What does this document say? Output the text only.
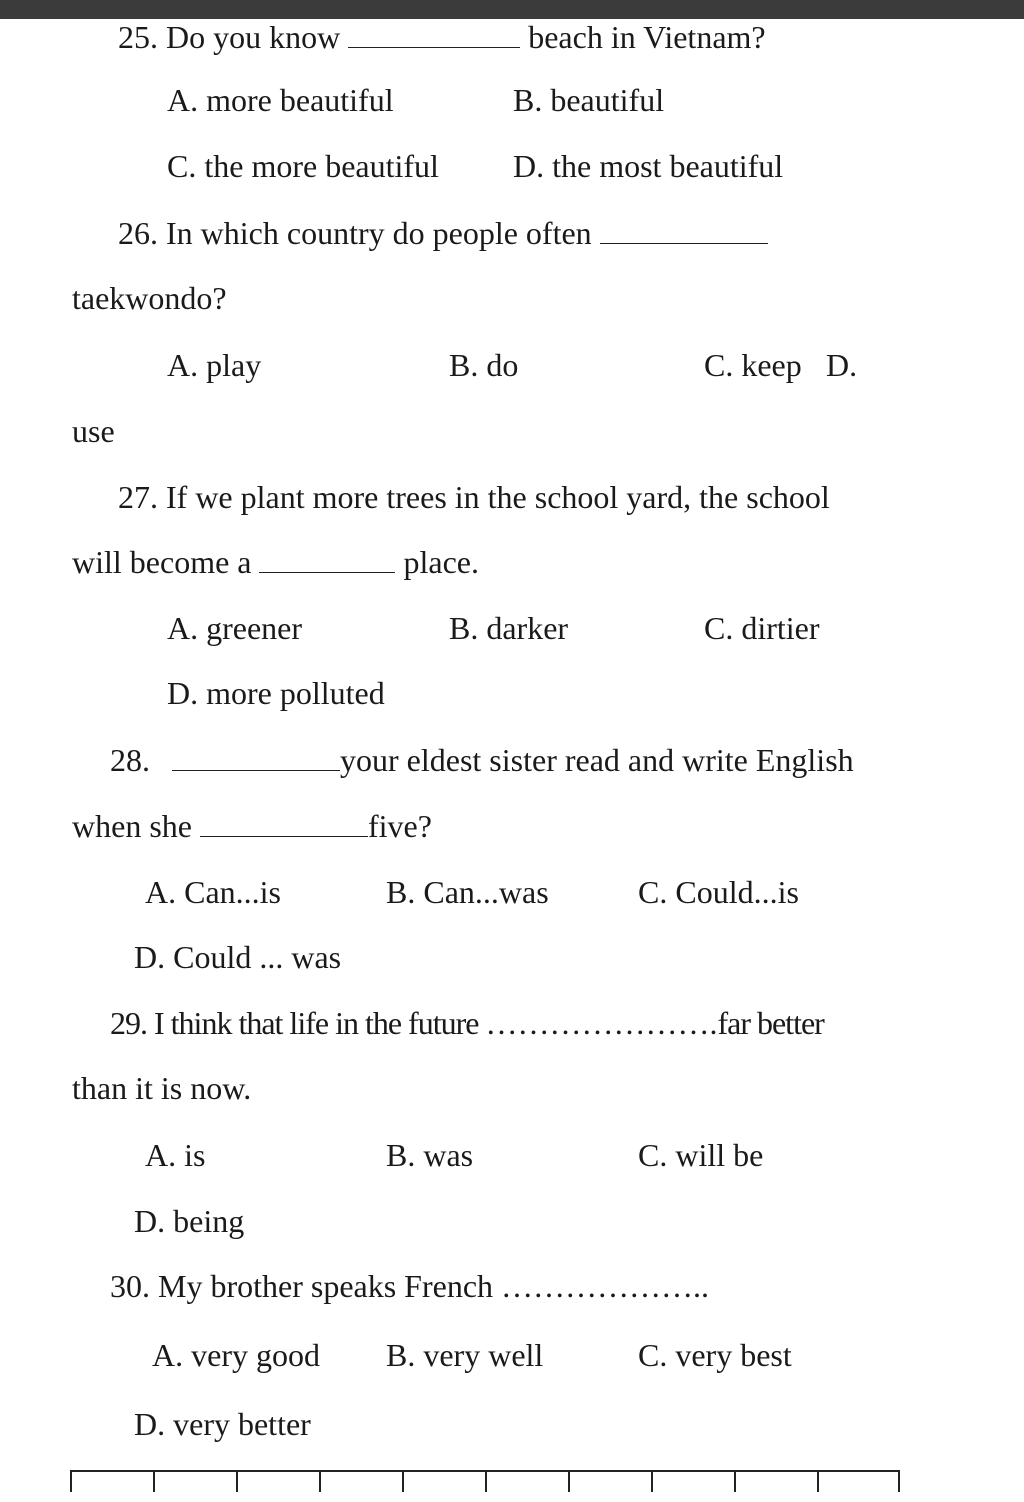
25. Do you know	beach in Vietnam?
A. more beautiful	B. beautiful
C. the more beautiful D. the most beautiful
26. In which country do people often
taekwondo?
A. play	B. do	C. keep D.
use
27. If we plant more trees in the school yard, the school
will become a	place.
A. greener	B. darker	C. dirtier
D. more polluted
28.	your eldest sister read and write English
when she	five?
A. Can...is	B. Can...was	C. Could...is
D. Could ... was
29. I think that life in the future ………………….far better
than it is now.
A. is	B. was	C. will be
D. being
30. My brother speaks French ………………..
A. very good B. very well	C. very best
D. very better
